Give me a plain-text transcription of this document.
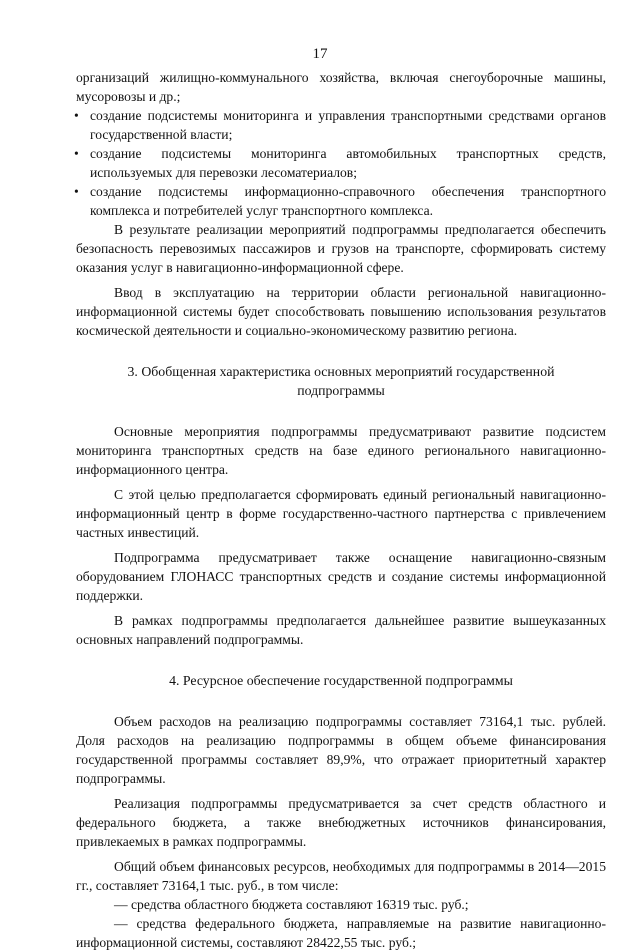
17

организаций жилищно-коммунального хозяйства, включая снегоуборочные машины, мусоровозы и др.;

• создание подсистемы мониторинга и управления транспортными средствами органов государственной власти;
• создание подсистемы мониторинга автомобильных транспортных средств, используемых для перевозки лесоматериалов;
• создание подсистемы информационно-справочного обеспечения транспортного комплекса и потребителей услуг транспортного комплекса.

В результате реализации мероприятий подпрограммы предполагается обеспечить безопасность перевозимых пассажиров и грузов на транспорте, сформировать систему оказания услуг в навигационно-информационной сфере.

Ввод в эксплуатацию на территории области региональной навигационно-информационной системы будет способствовать повышению использования результатов космической деятельности и социально-экономическому развитию региона.

3. Обобщенная характеристика основных мероприятий государственной
подпрограммы

Основные мероприятия подпрограммы предусматривают развитие подсистем мониторинга транспортных средств на базе единого регионального навигационно-информационного центра.

С этой целью предполагается сформировать единый региональный навигационно-информационный центр в форме государственно-частного партнерства с привлечением частных инвестиций.

Подпрограмма предусматривает также оснащение навигационно-связным оборудованием ГЛОНАСС транспортных средств и создание системы информационной поддержки.

В рамках подпрограммы предполагается дальнейшее развитие вышеуказанных основных направлений подпрограммы.

4. Ресурсное обеспечение государственной подпрограммы

Объем расходов на реализацию подпрограммы составляет 73164,1 тыс. рублей. Доля расходов на реализацию подпрограммы в общем объеме финансирования государственной программы составляет 89,9%, что отражает приоритетный характер подпрограммы.

Реализация подпрограммы предусматривается за счет средств областного и федерального бюджета, а также внебюджетных источников финансирования, привлекаемых в рамках подпрограммы.

Общий объем финансовых ресурсов, необходимых для подпрограммы в 2014—2015 гг., составляет 73164,1 тыс. руб., в том числе:

— средства областного бюджета составляют 16319 тыс. руб.;

— средства федерального бюджета, направляемые на развитие навигационно-информационной системы, составляют 28422,55 тыс. руб.;
